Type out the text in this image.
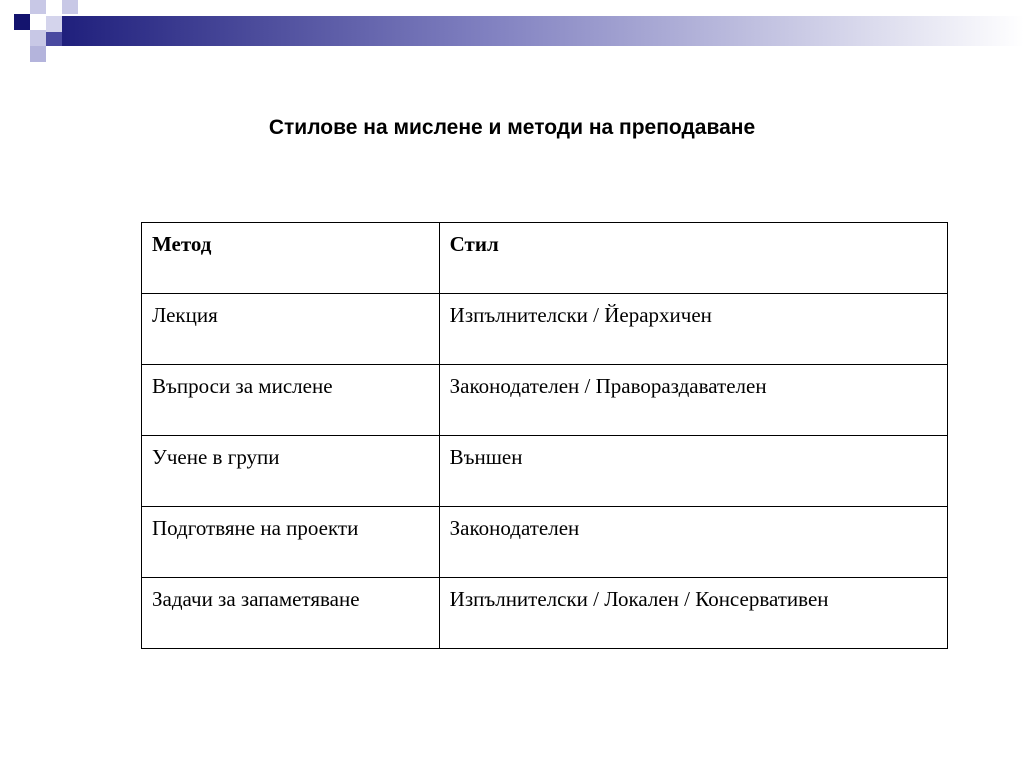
Стилове на мислене и методи на преподаване
Метод	Стил
Лекция	Изпълнителски / Йерархичен
Въпроси за мислене	Законодателен / Правораздавателен
Учене в групи	Външен
Подготвяне на проекти	Законодателен
Задачи за запаметяване	Изпълнителски / Локален / Консервативен
